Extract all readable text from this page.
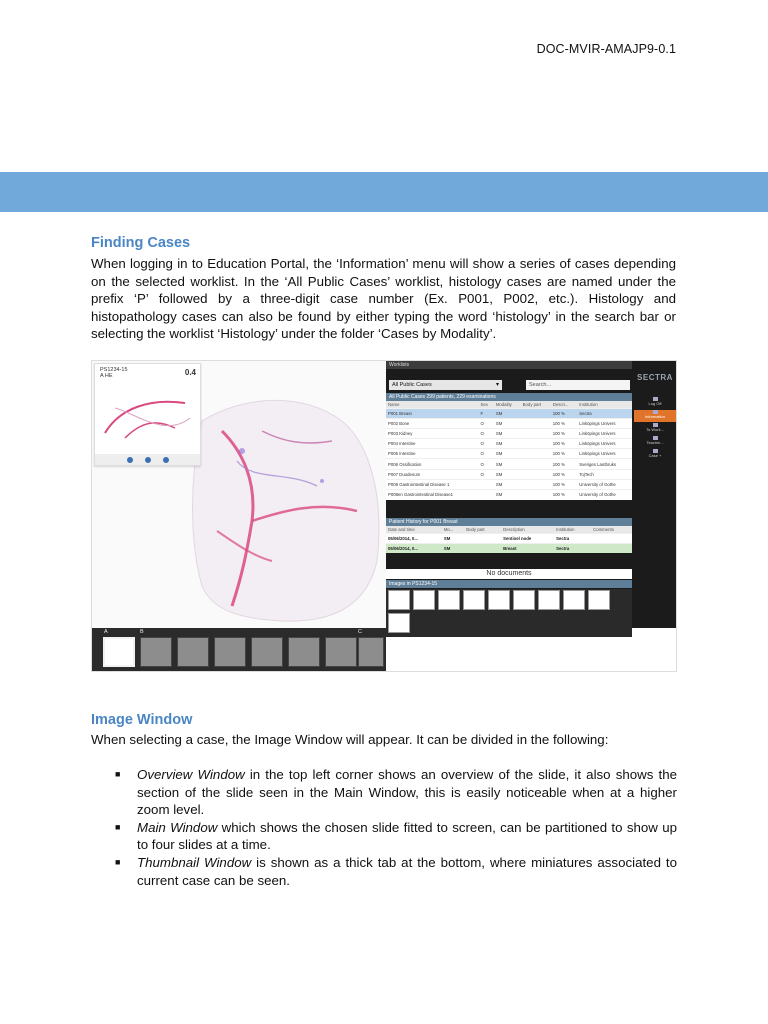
DOC-MVIR-AMAJP9-0.1
Finding Cases

When logging in to Education Portal, the ‘Information’ menu will show a series of cases depending on the selected worklist. In the ‘All Public Cases’ worklist, histology cases are named under the prefix ‘P’ followed by a three-digit case number (Ex. P001, P002, etc.). Histology and histopathology cases can also be found by either typing the word ‘histology’ in the search bar or selecting the worklist ‘Histology’ under the folder ‘Cases by Modality’.

PS1234-15
A HE	0.4
Worklists
All Public Cases ▾	Search...
SECTRA
Log Off
Information
To Work...
Teachin...
Case +
All Public Cases 299 patients, 229 examinations
Name	Sex	Modality	Body part	Descri...	Institution
P001 Breast	F	SM		100 %	Sectra
P002 Bone	O	SM		100 %	Linköpings Univers
P003 Kidney	O	SM		100 %	Linköpings Univers
P004 Intestine	O	SM		100 %	Linköpings Univers
P005 Intestine	O	SM		100 %	Linköpings Univers
P006 Ossification	O	SM		100 %	Sveriges Lantbruks
P007 Duodenum	O	SM		100 %	TojTech
P008 Gastrointestinal Disease 1		SM		100 %	University of Gothe
P008en Gastrointestinal Disease1		SM		100 %	University of Gothe
Patient History for P001 Breast
Date and time	Mo...	Body part	Description	Institution	Comments
05/06/2014, 0...	SM		Sentinel node	Sectra	
05/06/2014, 0...	SM		Breast	Sectra	
No documents
Images in PS1234-15
A	B	C
Image Window

When selecting a case, the Image Window will appear. It can be divided in the following:

■ Overview Window in the top left corner shows an overview of the slide, it also shows the section of the slide seen in the Main Window, this is easily noticeable when at a higher zoom level.
■ Main Window which shows the chosen slide fitted to screen, can be partitioned to show up to four slides at a time.
■ Thumbnail Window is shown as a thick tab at the bottom, where miniatures associated to current case can be seen.
